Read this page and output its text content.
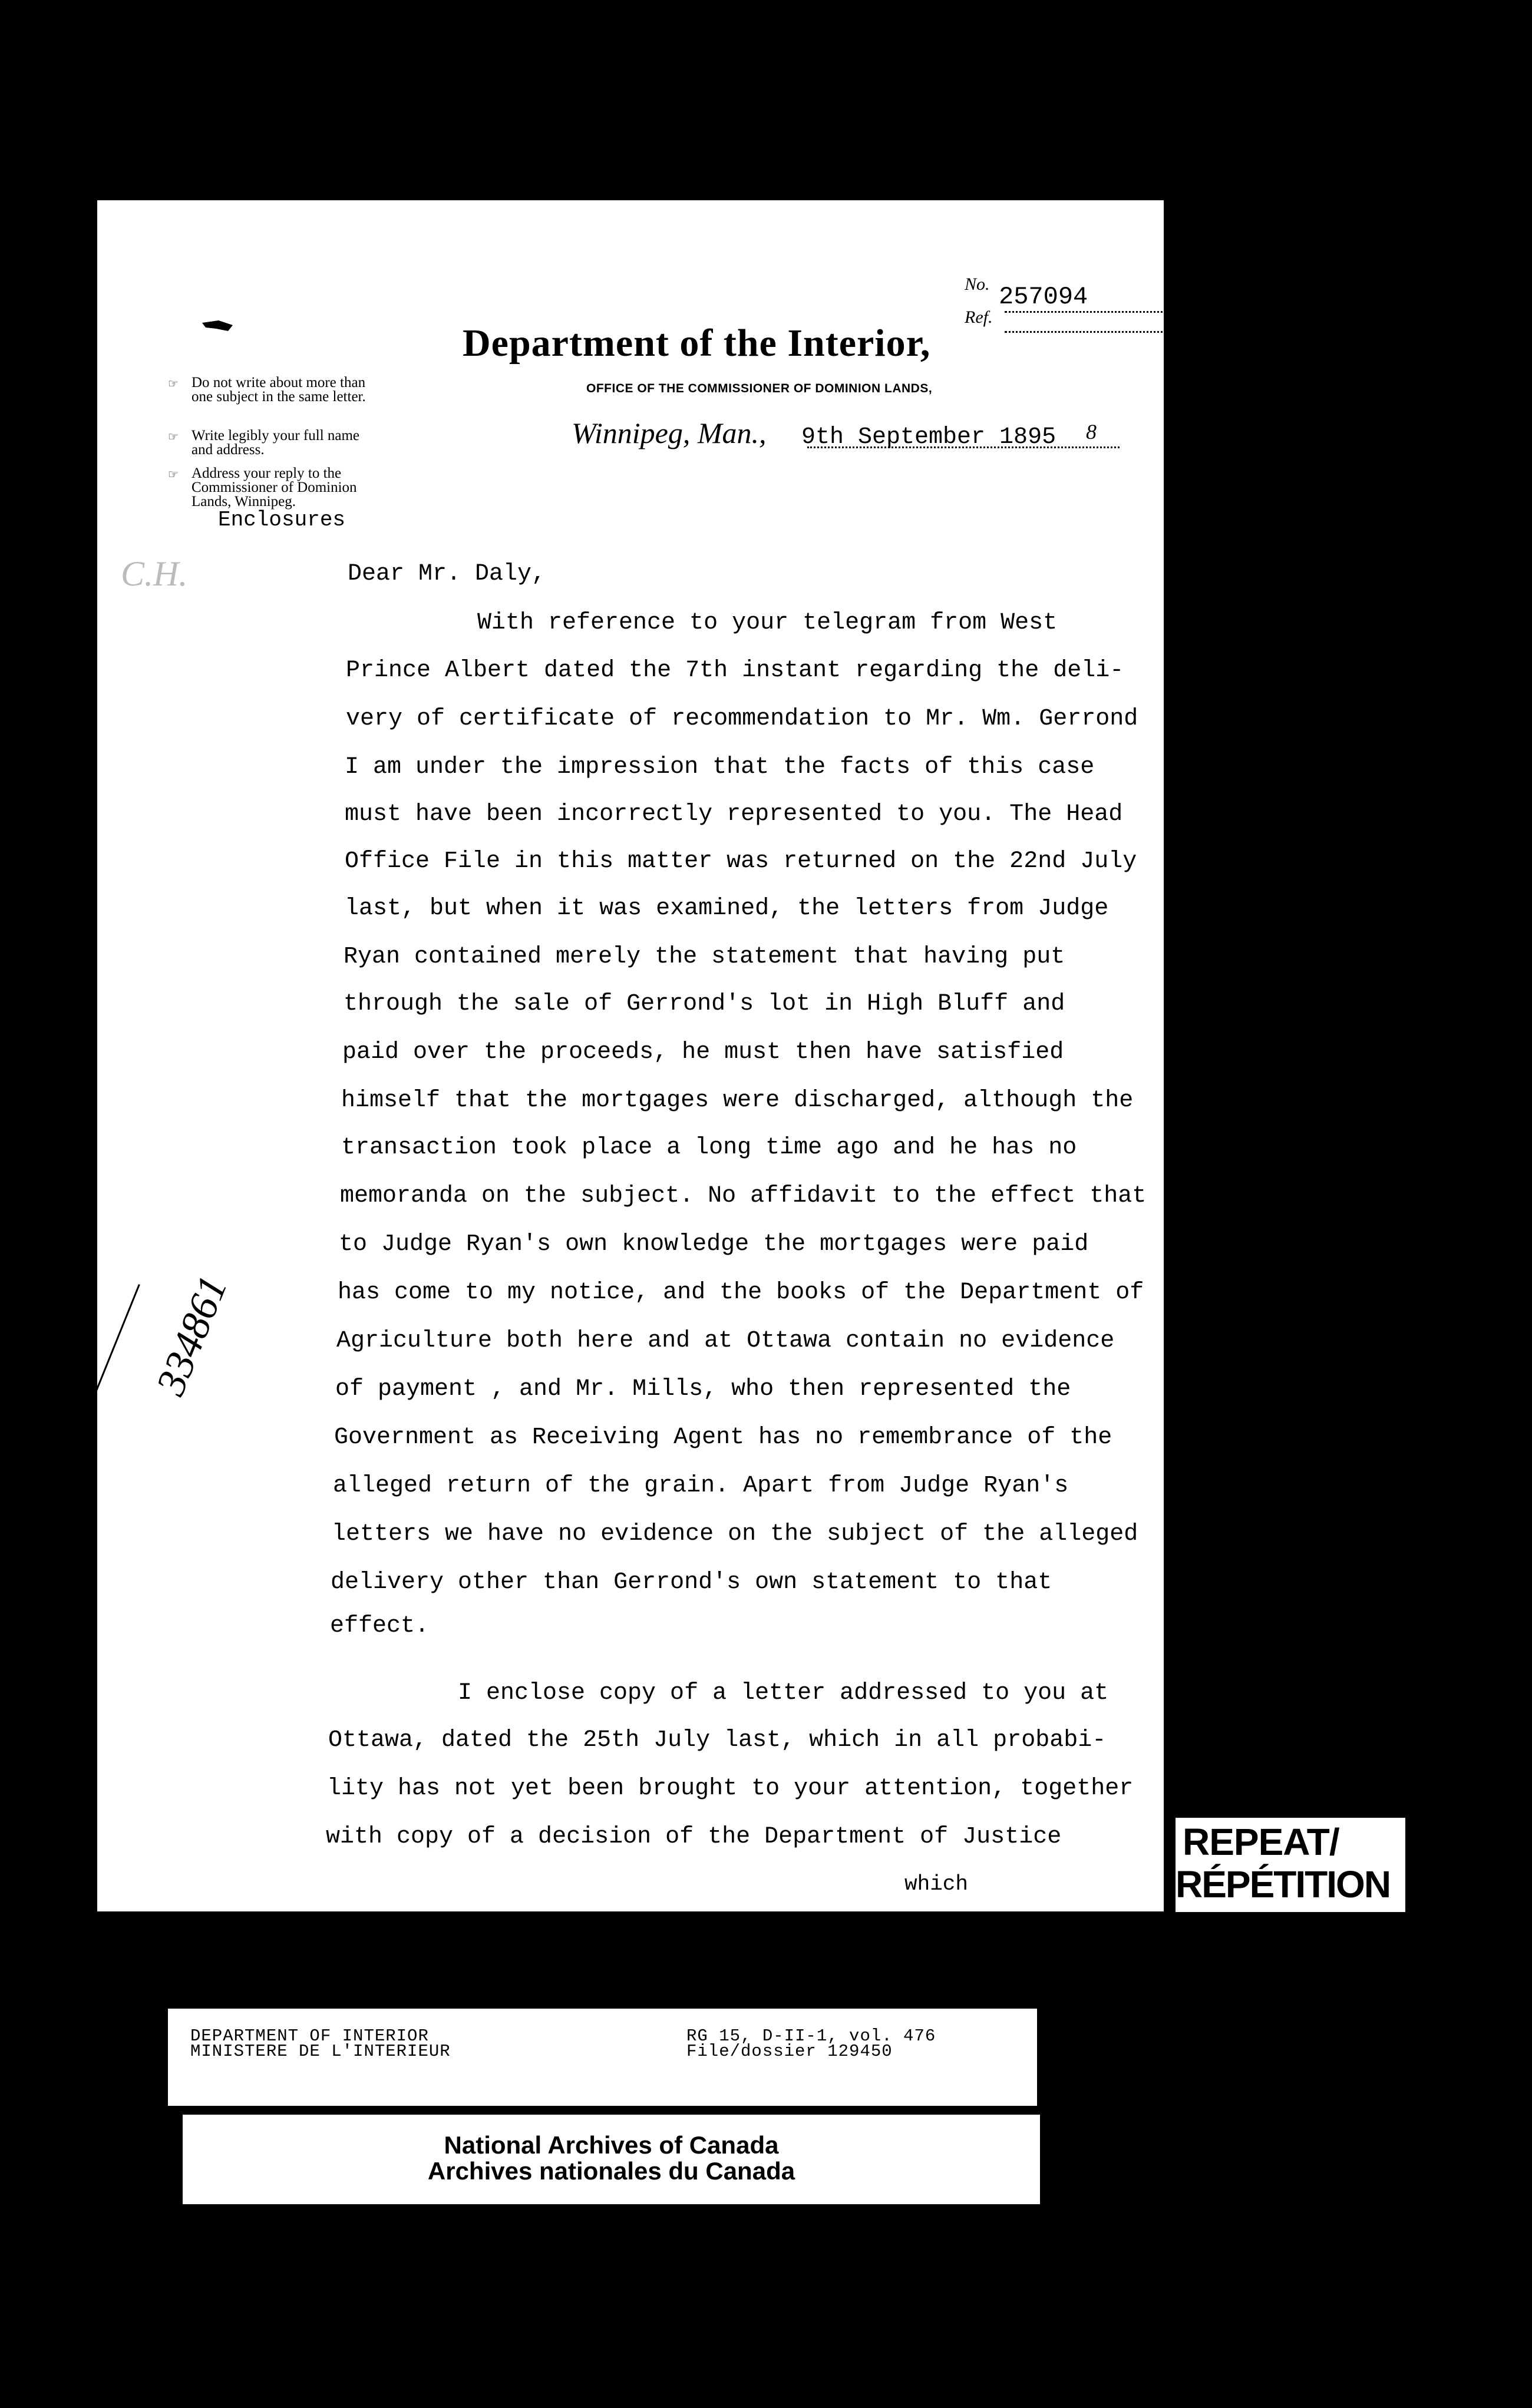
No.
Ref.
257094
Department of the Interior,
OFFICE OF THE COMMISSIONER OF DOMINION LANDS,
Winnipeg, Man., 9th September 1895 8
☞ Do not write about more than one subject in the same letter.
☞ Write legibly your full name and address.
☞ Address your reply to the Commissioner of Dominion Lands, Winnipeg.
Enclosures
C.H.
334861
Dear Mr. Daly,
With reference to your telegram from West
Prince Albert dated the 7th instant regarding the deli-
very of certificate of recommendation to Mr. Wm. Gerrond
I am under the impression that the facts of this case
must have been incorrectly represented to you. The Head
Office File in this matter was returned on the 22nd July
last, but when it was examined, the letters from Judge
Ryan contained merely the statement that having put
through the sale of Gerrond's lot in High Bluff and
paid over the proceeds, he must then have satisfied
himself that the mortgages were discharged, although the
transaction took place a long time ago and he has no
memoranda on the subject. No affidavit to the effect that
to Judge Ryan's own knowledge the mortgages were paid
has come to my notice, and the books of the Department of
Agriculture both here and at Ottawa contain no evidence
of payment , and Mr. Mills, who then represented the
Government as Receiving Agent has no remembrance of the
alleged return of the grain. Apart from Judge Ryan's
letters we have no evidence on the subject of the alleged
delivery other than Gerrond's own statement to that
effect.
I enclose copy of a letter addressed to you at
Ottawa, dated the 25th July last, which in all probabi-
lity has not yet been brought to your attention, together
with copy of a decision of the Department of Justice
which
REPEAT/
RÉPÉTITION
DEPARTMENT OF INTERIOR
MINISTERE DE L'INTERIEUR
RG 15, D-II-1, vol. 476
File/dossier 129450
National Archives of Canada
Archives nationales du Canada
